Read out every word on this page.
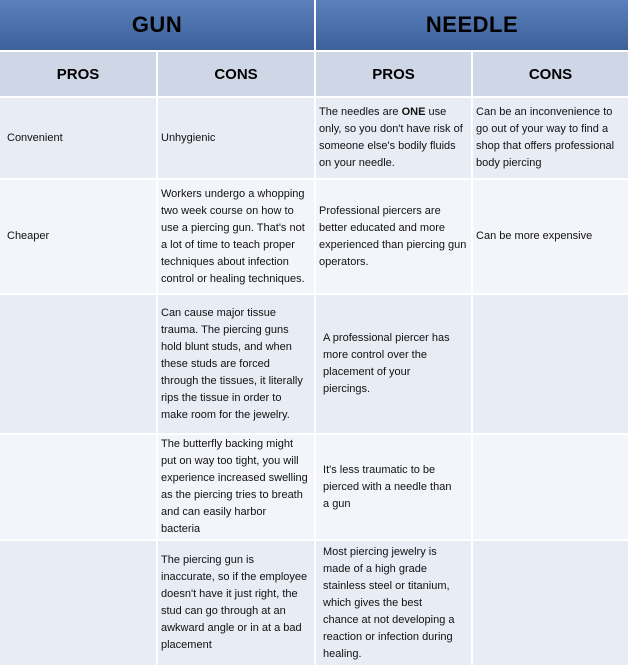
GUN		NEEDLE	
PROS	CONS	PROS	CONS
Convenient	Unhygienic	The needles are ONE use only, so you don't have risk of someone else's bodily fluids on your needle.	Can be an inconvenience to go out of your way to find a shop that offers professional body piercing
Cheaper	Workers undergo a whopping two week course on how to use a piercing gun. That's not a lot of time to teach proper techniques about infection control or healing techniques.	Professional piercers are better educated and more experienced than piercing gun operators.	Can be more expensive
	Can cause major tissue trauma. The piercing guns hold blunt studs, and when these studs are forced through the tissues, it literally rips the tissue in order to make room for the jewelry.	A professional piercer has more control over the placement of your piercings.	
	The butterfly backing might put on way too tight, you will experience increased swelling as the piercing tries to breath and can easily harbor bacteria	It's less traumatic to be pierced with a needle than a gun	
	The piercing gun is inaccurate, so if the employee doesn't have it just right, the stud can go through at an awkward angle or in at a bad placement	Most piercing jewelry is made of a high grade stainless steel or titanium, which gives the best chance at not developing a reaction or infection during healing.	
